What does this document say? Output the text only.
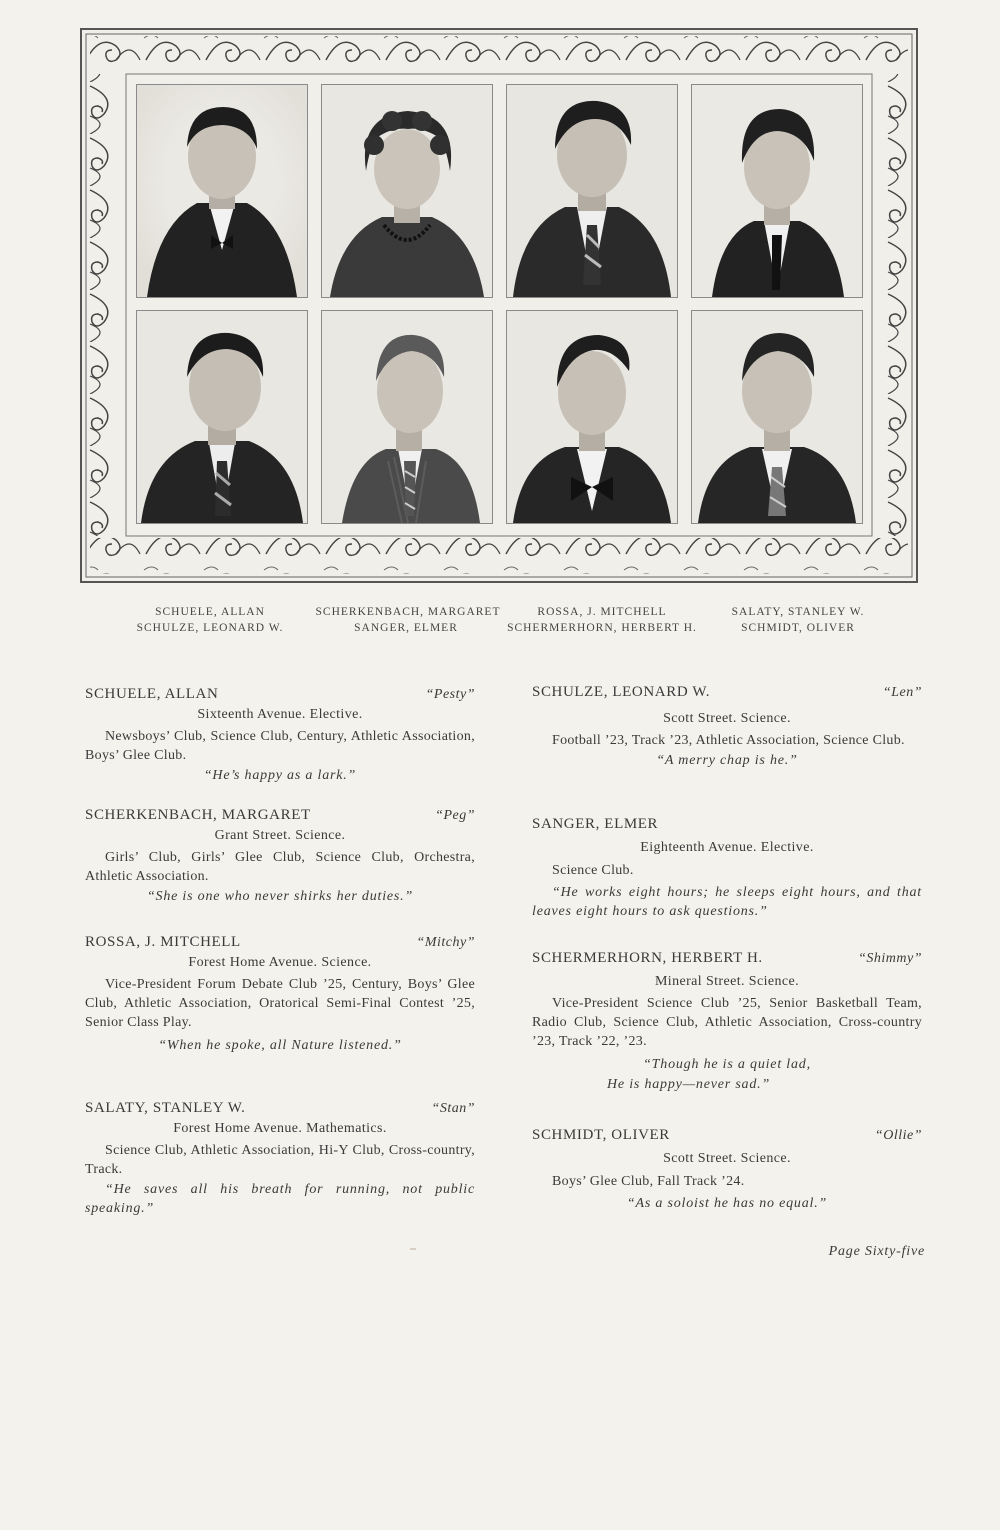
SCHUELE, ALLAN	SCHERKENBACH, MARGARET	ROSSA, J. MITCHELL	SALATY, STANLEY W.
SCHULZE, LEONARD W.	SANGER, ELMER	SCHERMERHORN, HERBERT H.	SCHMIDT, OLIVER
SCHUELE, ALLAN	“Pesty”
Sixteenth Avenue. Elective.
Newsboys’ Club, Science Club, Century, Athletic Association, Boys’ Glee Club.
“He’s happy as a lark.”
SCHERKENBACH, MARGARET	“Peg”
Grant Street. Science.
Girls’ Club, Girls’ Glee Club, Science Club, Orchestra, Athletic Association.
“She is one who never shirks her duties.”
ROSSA, J. MITCHELL	“Mitchy”
Forest Home Avenue. Science.
Vice-President Forum Debate Club ’25, Century, Boys’ Glee Club, Athletic Association, Oratorical Semi-Final Contest ’25, Senior Class Play.
“When he spoke, all Nature listened.”
SALATY, STANLEY W.	“Stan”
Forest Home Avenue. Mathematics.
Science Club, Athletic Association, Hi-Y Club, Cross-country, Track.
“He saves all his breath for running, not public speaking.”
SCHULZE, LEONARD W.	“Len”
Scott Street. Science.
Football ’23, Track ’23, Athletic Association, Science Club.
“A merry chap is he.”
SANGER, ELMER
Eighteenth Avenue. Elective.
Science Club.
“He works eight hours; he sleeps eight hours, and that leaves eight hours to ask questions.”
SCHERMERHORN, HERBERT H.	“Shimmy”
Mineral Street. Science.
Vice-President Science Club ’25, Senior Basketball Team, Radio Club, Science Club, Athletic Association, Cross-country ’23, Track ’22, ’23.
“Though he is a quiet lad,
He is happy—never sad.”
SCHMIDT, OLIVER	“Ollie”
Scott Street. Science.
Boys’ Glee Club, Fall Track ’24.
“As a soloist he has no equal.”
Page Sixty-five
